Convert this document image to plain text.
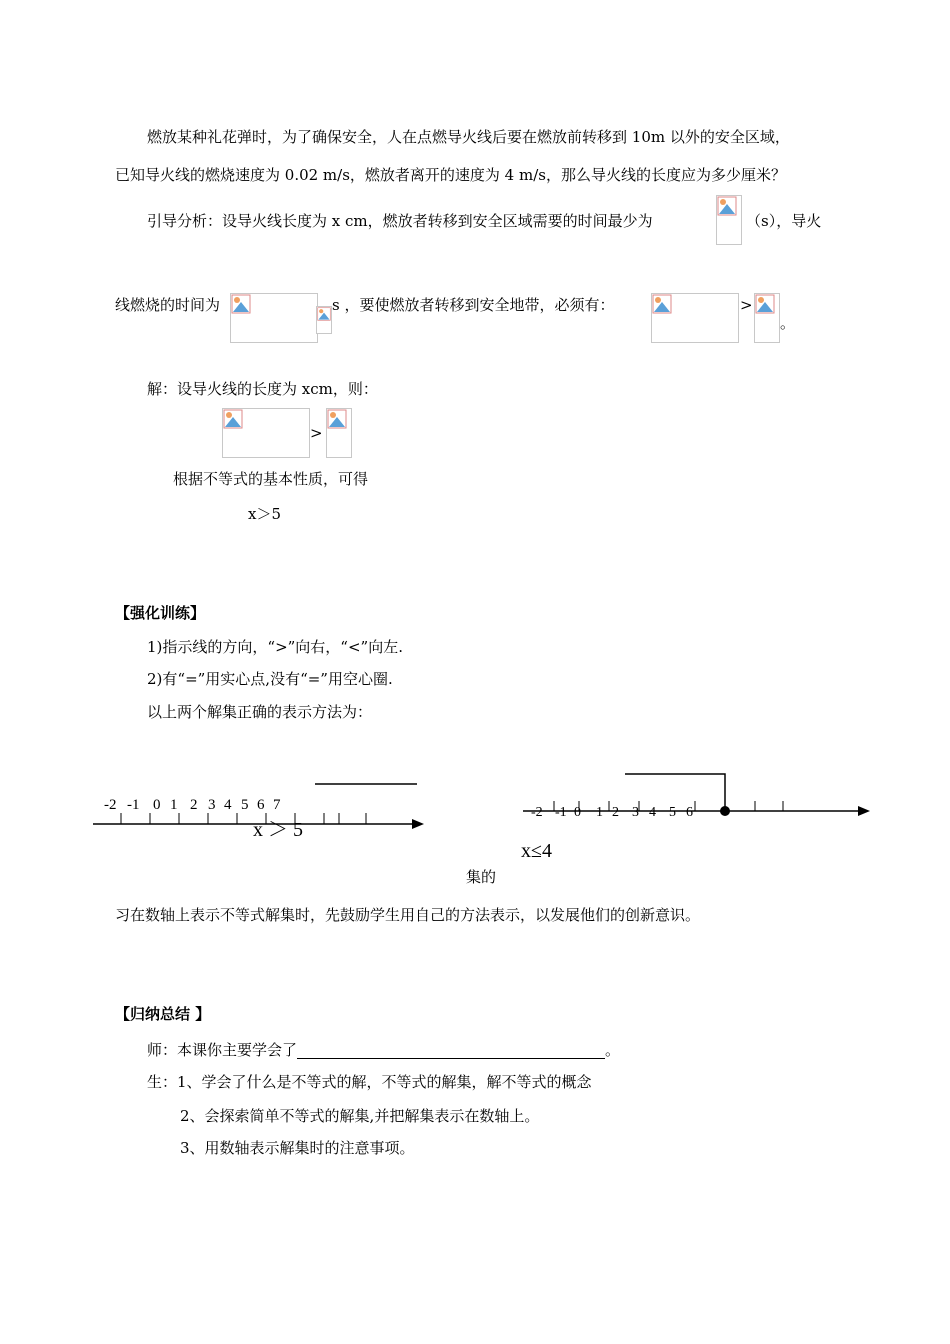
燃放某种礼花弹时，为了确保安全，人在点燃导火线后要在燃放前转移到 10m 以外的安全区域，
已知导火线的燃烧速度为 0.02 m/s，燃放者离开的速度为 4 m/s，那么导火线的长度应为多少厘米？
引导分析：设导火线长度为 x cm，燃放者转移到安全区域需要的时间最少为	（s），导火
线燃烧的时间为	s ，要使燃放者转移到安全地带，必须有：	>
。
解：设导火线的长度为 xcm，则：
>
根据不等式的基本性质，可得
x＞5
【强化训练】
1)指示线的方向，“>”向右，“<”向左.
2)有“=”用实心点,没有“=”用空心圈.
以上两个解集正确的表示方法为：
-2 -1 0 1 2 3 4 5 6 7
x ＞ 5
-2 -1 0 1 2 3 4 5 6
x≤4
集的
习在数轴上表示不等式解集时，先鼓励学生用自己的方法表示，以发展他们的创新意识。
【归纳总结 】
师：本课你主要学会了	。
生：1、学会了什么是不等式的解，不等式的解集，解不等式的概念
2、会探索简单不等式的解集,并把解集表示在数轴上。
3、用数轴表示解集时的注意事项。
